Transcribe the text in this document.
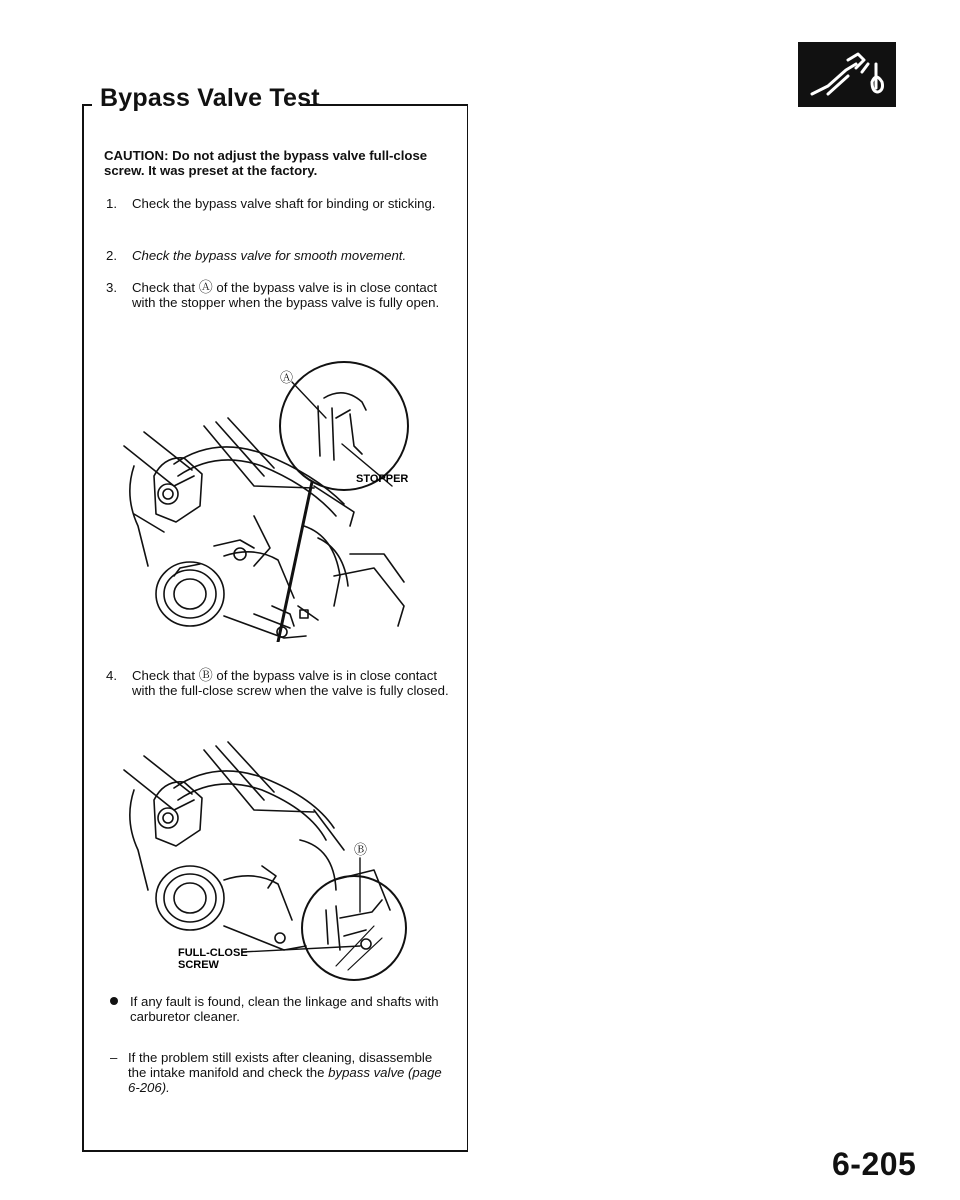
Bypass Valve Test
CAUTION: Do not adjust the bypass valve full-close screw. It was preset at the factory.
1.	Check the bypass valve shaft for binding or sticking.
2.	Check the bypass valve for smooth movement.
3.	Check that Ⓐ of the bypass valve is in close contact with the stopper when the bypass valve is fully open.
Ⓐ
STOPPER
4.	Check that Ⓑ of the bypass valve is in close contact with the full-close screw when the valve is fully closed.
Ⓑ
FULL-CLOSE
SCREW
If any fault is found, clean the linkage and shafts with carburetor cleaner.
– If the problem still exists after cleaning, disassemble the intake manifold and check the bypass valve (page 6-206).
6-205
